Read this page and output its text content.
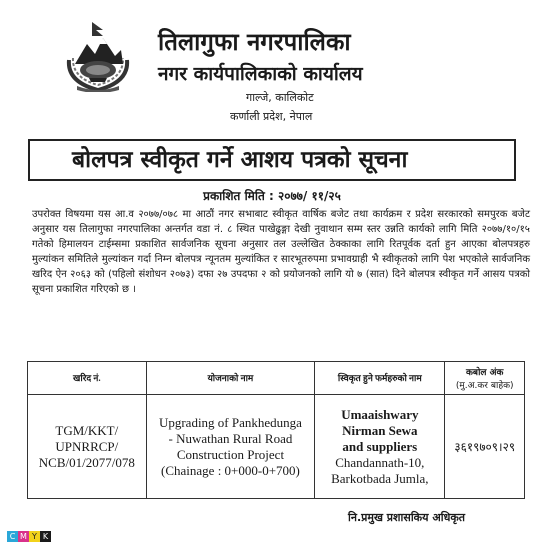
तिलागुफा नगरपालिका
नगर कार्यपालिकाको कार्यालय
गाल्जे, कालिकोट
कर्णाली प्रदेश, नेपाल
बोलपत्र स्वीकृत गर्ने आशय पत्रको सूचना
प्रकाशित मिति : २०७७/ ११/२५
उपरोक्त विषयमा यस आ.व २०७७/०७८ मा आठौं नगर सभाबाट स्वीकृत वार्षिक बजेट तथा कार्यक्रम र प्रदेश सरकारको समपुरक बजेट अनुसार यस तिलागुफा नगरपालिका अन्तर्गत वडा नं. ८ स्थित पाखेढुङ्गा देखी नुवाथान सम्म स्तर उन्नति कार्यको लागि मिति २०७७/१०/१५ गतेको हिमालयन टाईम्समा प्रकाशित सार्वजनिक सूचना अनुसार तल उल्लेखित ठेक्काका लागि रितपूर्वक दर्ता हुन आएका बोलपत्रहरु मुल्यांकन समितिले मुल्यांकन गर्दा निम्न बोलपत्र न्यूनतम मुल्यांकित र सारभूतरुपमा प्रभावग्राही भै स्वीकृतको लागि पेश भएकोले सार्वजनिक खरिद ऐन २०६३ को (पहिलो संशोधन २०७३) दफा २७ उपदफा २ को प्रयोजनको लागि यो ७ (सात) दिने बोलपत्र स्वीकृत गर्ने आसय पत्रको सूचना प्रकाशित गरिएको छ ।
खरिद नं.	योजनाको नाम	स्विकृत हुने फर्महरुको नाम	कबोल अंक
(मु.अ.कर बाहेक)

TGM/KKT/
UPNRRCP/
NCB/01/2077/078	Upgrading of Pankhedunga
- Nuwathan Rural Road
Construction Project
(Chainage : 0+000-0+700)	Umaaishwary
Nirman Sewa
and suppliers
Chandannath-10,
Barkotbada Jumla,	३६१९७०९।२९
नि.प्रमुख प्रशासकिय अधिकृत
C M Y K
